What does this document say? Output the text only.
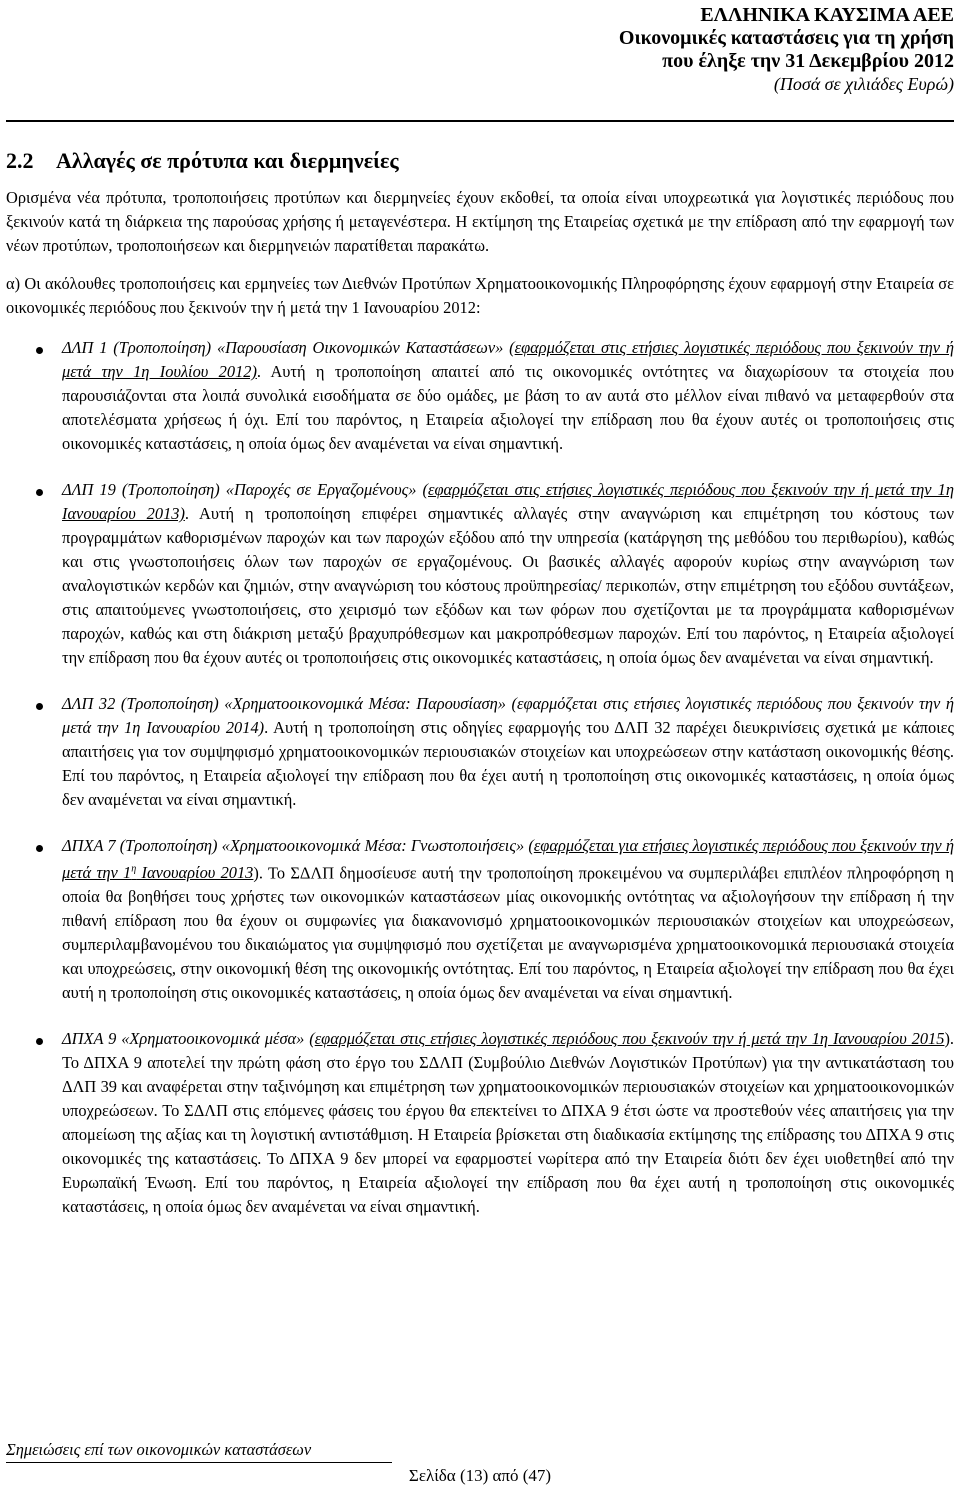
ΕΛΛΗΝΙΚΑ ΚΑΥΣΙΜΑ ΑΕΕ
Οικονομικές καταστάσεις για τη χρήση
που έληξε την 31 Δεκεμβρίου 2012
(Ποσά σε χιλιάδες Ευρώ)
2.2 Αλλαγές σε πρότυπα και διερμηνείες

Ορισμένα νέα πρότυπα, τροποποιήσεις προτύπων και διερμηνείες έχουν εκδοθεί, τα οποία είναι υποχρεωτικά για λογιστικές περιόδους που ξεκινούν κατά τη διάρκεια της παρούσας χρήσης ή μεταγενέστερα. Η εκτίμηση της Εταιρείας σχετικά με την επίδραση από την εφαρμογή των νέων προτύπων, τροποποιήσεων και διερμηνειών παρατίθεται παρακάτω.

α) Οι ακόλουθες τροποποιήσεις και ερμηνείες των Διεθνών Προτύπων Χρηματοοικονομικής Πληροφόρησης έχουν εφαρμογή στην Εταιρεία σε οικονομικές περιόδους που ξεκινούν την ή μετά την 1 Ιανουαρίου 2012:

ΔΛΠ 1 (Τροποποίηση) «Παρουσίαση Οικονομικών Καταστάσεων» (εφαρμόζεται στις ετήσιες λογιστικές περιόδους που ξεκινούν την ή μετά την 1η Ιουλίου 2012). Αυτή η τροποποίηση απαιτεί από τις οικονομικές οντότητες να διαχωρίσουν τα στοιχεία που παρουσιάζονται στα λοιπά συνολικά εισοδήματα σε δύο ομάδες, με βάση το αν αυτά στο μέλλον είναι πιθανό να μεταφερθούν στα αποτελέσματα χρήσεως ή όχι. Επί του παρόντος, η Εταιρεία αξιολογεί την επίδραση που θα έχουν αυτές οι τροποποιήσεις στις οικονομικές καταστάσεις, η οποία όμως δεν αναμένεται να είναι σημαντική.
ΔΛΠ 19 (Τροποποίηση) «Παροχές σε Εργαζομένους» (εφαρμόζεται στις ετήσιες λογιστικές περιόδους που ξεκινούν την ή μετά την 1η Ιανουαρίου 2013). Αυτή η τροποποίηση επιφέρει σημαντικές αλλαγές στην αναγνώριση και επιμέτρηση του κόστους των προγραμμάτων καθορισμένων παροχών και των παροχών εξόδου από την υπηρεσία (κατάργηση της μεθόδου του περιθωρίου), καθώς και στις γνωστοποιήσεις όλων των παροχών σε εργαζομένους. Οι βασικές αλλαγές αφορούν κυρίως στην αναγνώριση των αναλογιστικών κερδών και ζημιών, στην αναγνώριση του κόστους προϋπηρεσίας/ περικοπών, στην επιμέτρηση του εξόδου συντάξεων, στις απαιτούμενες γνωστοποιήσεις, στο χειρισμό των εξόδων και των φόρων που σχετίζονται με τα προγράμματα καθορισμένων παροχών, καθώς και στη διάκριση μεταξύ βραχυπρόθεσμων και μακροπρόθεσμων παροχών. Επί του παρόντος, η Εταιρεία αξιολογεί την επίδραση που θα έχουν αυτές οι τροποποιήσεις στις οικονομικές καταστάσεις, η οποία όμως δεν αναμένεται να είναι σημαντική.
ΔΛΠ 32 (Τροποποίηση) «Χρηματοοικονομικά Μέσα: Παρουσίαση» (εφαρμόζεται στις ετήσιες λογιστικές περιόδους που ξεκινούν την ή μετά την 1η Ιανουαρίου 2014). Αυτή η τροποποίηση στις οδηγίες εφαρμογής του ΔΛΠ 32 παρέχει διευκρινίσεις σχετικά με κάποιες απαιτήσεις για τον συμψηφισμό χρηματοοικονομικών περιουσιακών στοιχείων και υποχρεώσεων στην κατάσταση οικονομικής θέσης. Επί του παρόντος, η Εταιρεία αξιολογεί την επίδραση που θα έχει αυτή η τροποποίηση στις οικονομικές καταστάσεις, η οποία όμως δεν αναμένεται να είναι σημαντική.
ΔΠΧΑ 7 (Τροποποίηση) «Χρηματοοικονομικά Μέσα: Γνωστοποιήσεις» (εφαρμόζεται για ετήσιες λογιστικές περιόδους που ξεκινούν την ή μετά την $1^\eta$ Ιανουαρίου 2013). Το ΣΔΛΠ δημοσίευσε αυτή την τροποποίηση προκειμένου να συμπεριλάβει επιπλέον πληροφόρηση η οποία θα βοηθήσει τους χρήστες των οικονομικών καταστάσεων μίας οικονομικής οντότητας να αξιολογήσουν την επίδραση ή την πιθανή επίδραση που θα έχουν οι συμφωνίες για διακανονισμό χρηματοοικονομικών περιουσιακών στοιχείων και υποχρεώσεων, συμπεριλαμβανομένου του δικαιώματος για συμψηφισμό που σχετίζεται με αναγνωρισμένα χρηματοοικονομικά περιουσιακά στοιχεία και υποχρεώσεις, στην οικονομική θέση της οικονομικής οντότητας. Επί του παρόντος, η Εταιρεία αξιολογεί την επίδραση που θα έχει αυτή η τροποποίηση στις οικονομικές καταστάσεις, η οποία όμως δεν αναμένεται να είναι σημαντική.
ΔΠΧΑ 9 «Χρηματοοικονομικά μέσα» (εφαρμόζεται στις ετήσιες λογιστικές περιόδους που ξεκινούν την ή μετά την 1η Ιανουαρίου 2015). Το ΔΠΧΑ 9 αποτελεί την πρώτη φάση στο έργο του ΣΔΛΠ (Συμβούλιο Διεθνών Λογιστικών Προτύπων) για την αντικατάσταση του ΔΛΠ 39 και αναφέρεται στην ταξινόμηση και επιμέτρηση των χρηματοοικονομικών περιουσιακών στοιχείων και χρηματοοικονομικών υποχρεώσεων. Το ΣΔΛΠ στις επόμενες φάσεις του έργου θα επεκτείνει το ΔΠΧΑ 9 έτσι ώστε να προστεθούν νέες απαιτήσεις για την απομείωση της αξίας και τη λογιστική αντιστάθμιση. Η Εταιρεία βρίσκεται στη διαδικασία εκτίμησης της επίδρασης του ΔΠΧΑ 9 στις οικονομικές της καταστάσεις. Το ΔΠΧΑ 9 δεν μπορεί να εφαρμοστεί νωρίτερα από την Εταιρεία διότι δεν έχει υιοθετηθεί από την Ευρωπαϊκή Ένωση. Επί του παρόντος, η Εταιρεία αξιολογεί την επίδραση που θα έχει αυτή η τροποποίηση στις οικονομικές καταστάσεις, η οποία όμως δεν αναμένεται να είναι σημαντική.
Σημειώσεις επί των οικονομικών καταστάσεων
Σελίδα (13) από (47)
